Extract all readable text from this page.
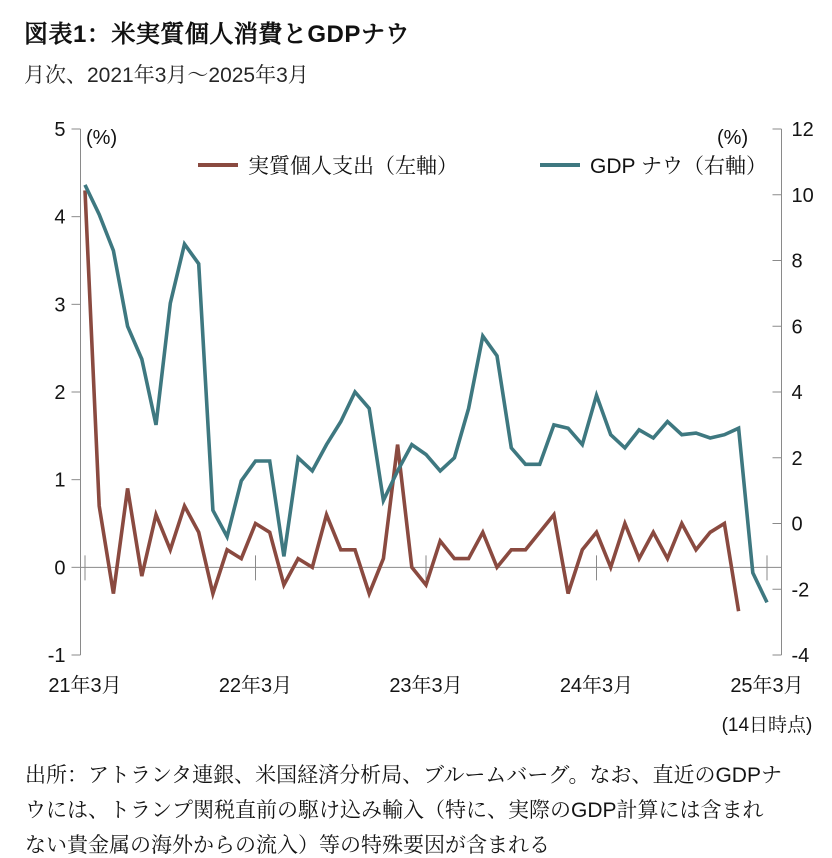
図表1：米実質個人消費とGDPナウ
月次、2021年3月～2025年3月
5
4
3
2
1
0
-1
12
10
8
6
4
2
0
-2
-4
21年3月	22年3月	23年3月	24年3月	25年3月
(14日時点)
(%)	(%)
実質個人支出（左軸）	GDP ナウ（右軸）
出所：アトランタ連銀、米国経済分析局、ブルームバーグ。なお、直近のGDPナ
ウには、トランプ関税直前の駆け込み輸入（特に、実際のGDP計算には含まれ
ない貴金属の海外からの流入）等の特殊要因が含まれる
